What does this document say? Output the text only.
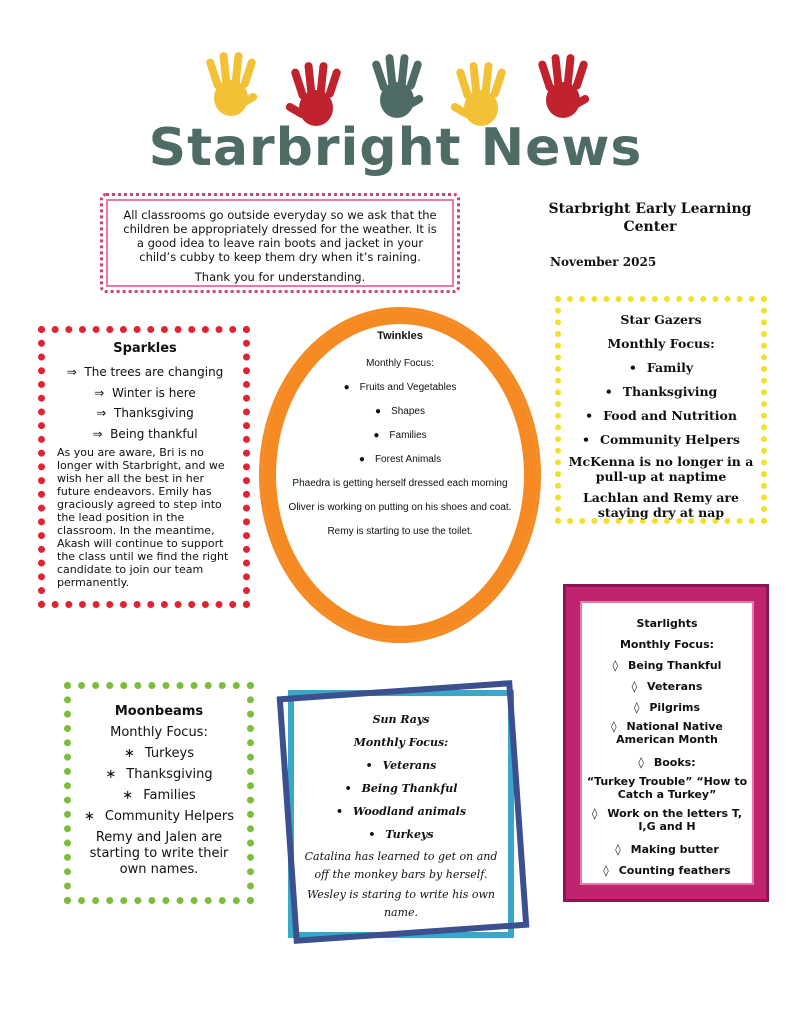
Starbright News

All classrooms go outside everyday so we ask that the children be appropriately dressed for the weather. It is a good idea to leave rain boots and jacket in your child’s cubby to keep them dry when it’s raining.

Thank you for understanding.

Starbright Early Learning Center
November 2025
Sparkles
⇒ The trees are changing
⇒ Winter is here
⇒ Thanksgiving
⇒ Being thankful
As you are aware, Bri is no longer with Starbright, and we wish her all the best in her future endeavors. Emily has graciously agreed to step into the lead position in the classroom. In the meantime, Akash will continue to support the class until we find the right candidate to join our team permanently.
Twinkles
Monthly Focus:
● Fruits and Vegetables
● Shapes
● Families
● Forest Animals
Phaedra is getting herself dressed each morning
Oliver is working on putting on his shoes and coat.
Remy is starting to use the toilet.
Star Gazers
Monthly Focus:
• Family
• Thanksgiving
• Food and Nutrition
• Community Helpers
McKenna is no longer in a pull-up at naptime
Lachlan and Remy are staying dry at nap
Starlights
Monthly Focus:
◊ Being Thankful
◊ Veterans
◊ Pilgrims
◊ National Native American Month
◊ Books:
“Turkey Trouble” “How to Catch a Turkey”
◊ Work on the letters T, I,G and H
◊ Making butter
◊ Counting feathers
Moonbeams
Monthly Focus:
∗ Turkeys
∗ Thanksgiving
∗ Families
∗ Community Helpers
Remy and Jalen are starting to write their own names.
Sun Rays
Monthly Focus:
• Veterans
• Being Thankful
• Woodland animals
• Turkeys
Catalina has learned to get on and off the monkey bars by herself.
Wesley is staring to write his own name.
